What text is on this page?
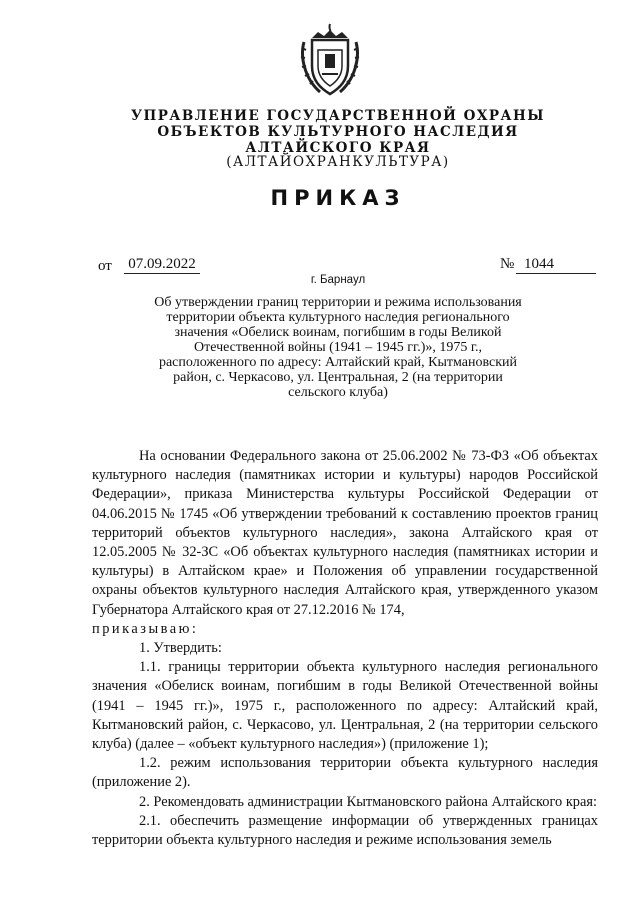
УПРАВЛЕНИЕ ГОСУДАРСТВЕННОЙ ОХРАНЫ
ОБЪЕКТОВ КУЛЬТУРНОГО НАСЛЕДИЯ
АЛТАЙСКОГО КРАЯ
(АЛТАЙОХРАНКУЛЬТУРА)
ПРИКАЗ
от 07.09.2022	№ 1044
г. Барнаул

Об утверждении границ территории и режима использования территории объекта культурного наследия регионального значения «Обелиск воинам, погибшим в годы Великой Отечественной войны (1941 – 1945 гг.)», 1975 г., расположенного по адресу: Алтайский край, Кытмановский район, с. Черкасово, ул. Центральная, 2 (на территории сельского клуба)

На основании Федерального закона от 25.06.2002 № 73-ФЗ «Об объектах культурного наследия (памятниках истории и культуры) народов Российской Федерации», приказа Министерства культуры Российской Федерации от 04.06.2015 № 1745 «Об утверждении требований к составлению проектов границ территорий объектов культурного наследия», закона Алтайского края от 12.05.2005 № 32-ЗС «Об объектах культурного наследия (памятниках истории и культуры) в Алтайском крае» и Положения об управлении государственной охраны объектов культурного наследия Алтайского края, утвержденного указом Губернатора Алтайского края от 27.12.2016 № 174,
приказываю:

1. Утвердить:

1.1. границы территории объекта культурного наследия регионального значения «Обелиск воинам, погибшим в годы Великой Отечественной войны (1941 – 1945 гг.)», 1975 г., расположенного по адресу: Алтайский край, Кытмановский район, с. Черкасово, ул. Центральная, 2 (на территории сельского клуба) (далее – «объект культурного наследия») (приложение 1);

1.2. режим использования территории объекта культурного наследия (приложение 2).

2. Рекомендовать администрации Кытмановского района Алтайского края:

2.1. обеспечить размещение информации об утвержденных границах территории объекта культурного наследия и режиме использования земель
